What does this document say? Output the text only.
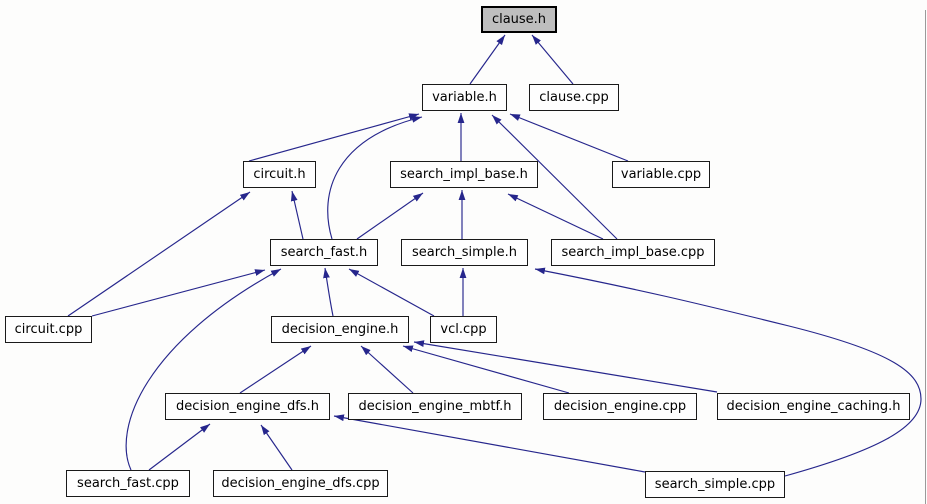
clause.h
variable.h	clause.cpp
circuit.h	search_impl_base.h	variable.cpp
search_fast.h	search_simple.h	search_impl_base.cpp
circuit.cpp	decision_engine.h	vcl.cpp
decision_engine_dfs.h	decision_engine_mbtf.h	decision_engine.cpp	decision_engine_caching.h
search_fast.cpp	decision_engine_dfs.cpp	search_simple.cpp
